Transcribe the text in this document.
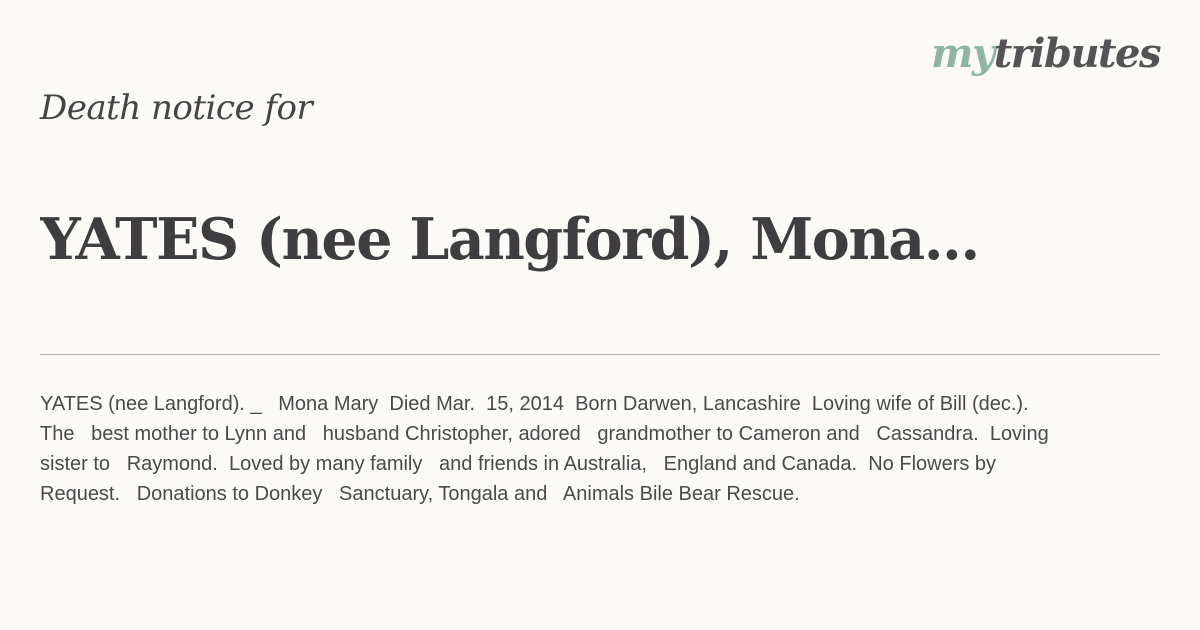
mytributes
Death notice for
YATES (nee Langford), Mona...
YATES (nee Langford). _   Mona Mary  Died Mar.  15, 2014  Born Darwen, Lancashire  Loving wife of Bill (dec.).
The   best mother to Lynn and   husband Christopher, adored   grandmother to Cameron and   Cassandra.  Loving
sister to   Raymond.  Loved by many family   and friends in Australia,   England and Canada.  No Flowers by
Request.   Donations to Donkey   Sanctuary, Tongala and   Animals Bile Bear Rescue.
